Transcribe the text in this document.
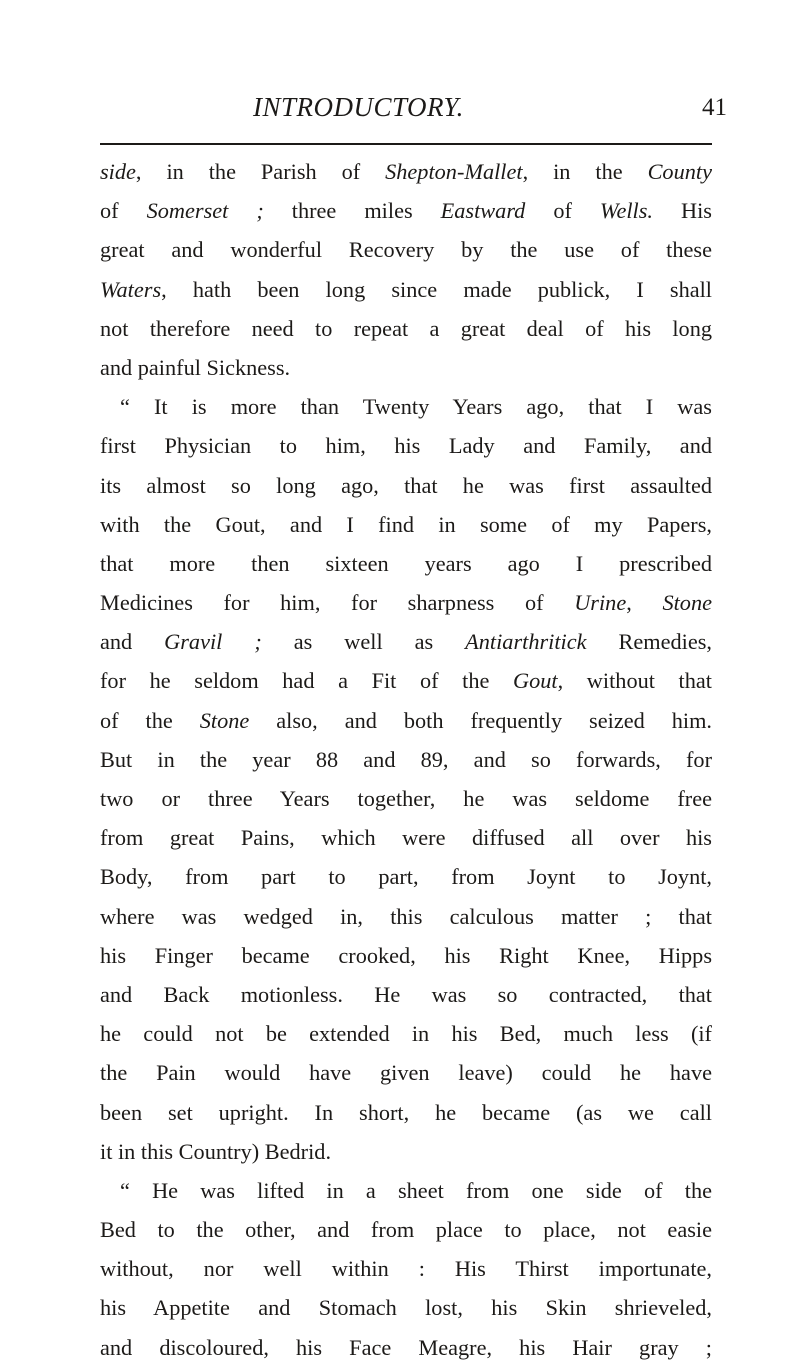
INTRODUCTORY.	41
side, in the Parish of Shepton-Mallet, in the County
of Somerset ; three miles Eastward of Wells. His
great and wonderful Recovery by the use of these
Waters, hath been long since made publick, I shall
not therefore need to repeat a great deal of his long
and painful Sickness.
“ It is more than Twenty Years ago, that I was
first Physician to him, his Lady and Family, and
its almost so long ago, that he was first assaulted
with the Gout, and I find in some of my Papers,
that more then sixteen years ago I prescribed
Medicines for him, for sharpness of Urine, Stone
and Gravil ; as well as Antiarthritick Remedies,
for he seldom had a Fit of the Gout, without that
of the Stone also, and both frequently seized him.
But in the year 88 and 89, and so forwards, for
two or three Years together, he was seldome free
from great Pains, which were diffused all over his
Body, from part to part, from Joynt to Joynt,
where was wedged in, this calculous matter ; that
his Finger became crooked, his Right Knee, Hipps
and Back motionless. He was so contracted, that
he could not be extended in his Bed, much less (if
the Pain would have given leave) could he have
been set upright. In short, he became (as we call
it in this Country) Bedrid.
“ He was lifted in a sheet from one side of the
Bed to the other, and from place to place, not easie
without, nor well within : His Thirst importunate,
his Appetite and Stomach lost, his Skin shrieveled,
and discoloured, his Face Meagre, his Hair gray ;
